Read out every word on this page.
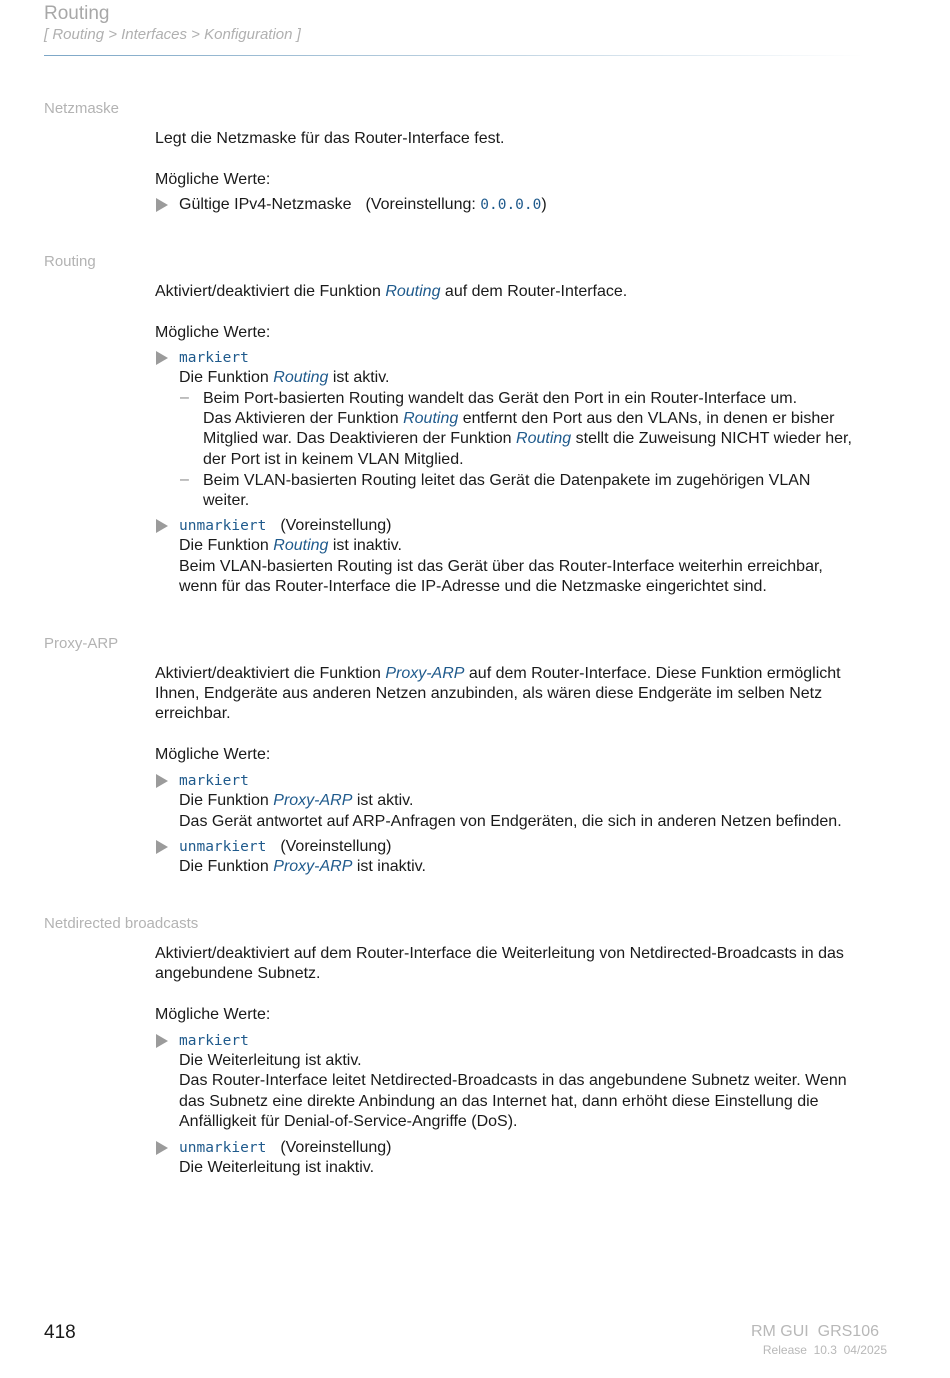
Routing
[ Routing > Interfaces > Konfiguration ]
Netzmaske
Legt die Netzmaske für das Router-Interface fest.
Mögliche Werte:
Gültige IPv4-Netzmaske (Voreinstellung: 0.0.0.0)
Routing
Aktiviert/deaktiviert die Funktion Routing auf dem Router-Interface.
Mögliche Werte:
markiert
Die Funktion Routing ist aktiv.
– Beim Port-basierten Routing wandelt das Gerät den Port in ein Router-Interface um.
Das Aktivieren der Funktion Routing entfernt den Port aus den VLANs, in denen er bisher
Mitglied war. Das Deaktivieren der Funktion Routing stellt die Zuweisung NICHT wieder her,
der Port ist in keinem VLAN Mitglied.
– Beim VLAN-basierten Routing leitet das Gerät die Datenpakete im zugehörigen VLAN
weiter.
unmarkiert (Voreinstellung)
Die Funktion Routing ist inaktiv.
Beim VLAN-basierten Routing ist das Gerät über das Router-Interface weiterhin erreichbar,
wenn für das Router-Interface die IP-Adresse und die Netzmaske eingerichtet sind.
Proxy-ARP
Aktiviert/deaktiviert die Funktion Proxy-ARP auf dem Router-Interface. Diese Funktion ermöglicht
Ihnen, Endgeräte aus anderen Netzen anzubinden, als wären diese Endgeräte im selben Netz
erreichbar.
Mögliche Werte:
markiert
Die Funktion Proxy-ARP ist aktiv.
Das Gerät antwortet auf ARP-Anfragen von Endgeräten, die sich in anderen Netzen befinden.
unmarkiert (Voreinstellung)
Die Funktion Proxy-ARP ist inaktiv.
Netdirected broadcasts
Aktiviert/deaktiviert auf dem Router-Interface die Weiterleitung von Netdirected-Broadcasts in das
angebundene Subnetz.
Mögliche Werte:
markiert
Die Weiterleitung ist aktiv.
Das Router-Interface leitet Netdirected-Broadcasts in das angebundene Subnetz weiter. Wenn
das Subnetz eine direkte Anbindung an das Internet hat, dann erhöht diese Einstellung die
Anfälligkeit für Denial-of-Service-Angriffe (DoS).
unmarkiert (Voreinstellung)
Die Weiterleitung ist inaktiv.
418	RM GUI  GRS106
Release  10.3  04/2025
